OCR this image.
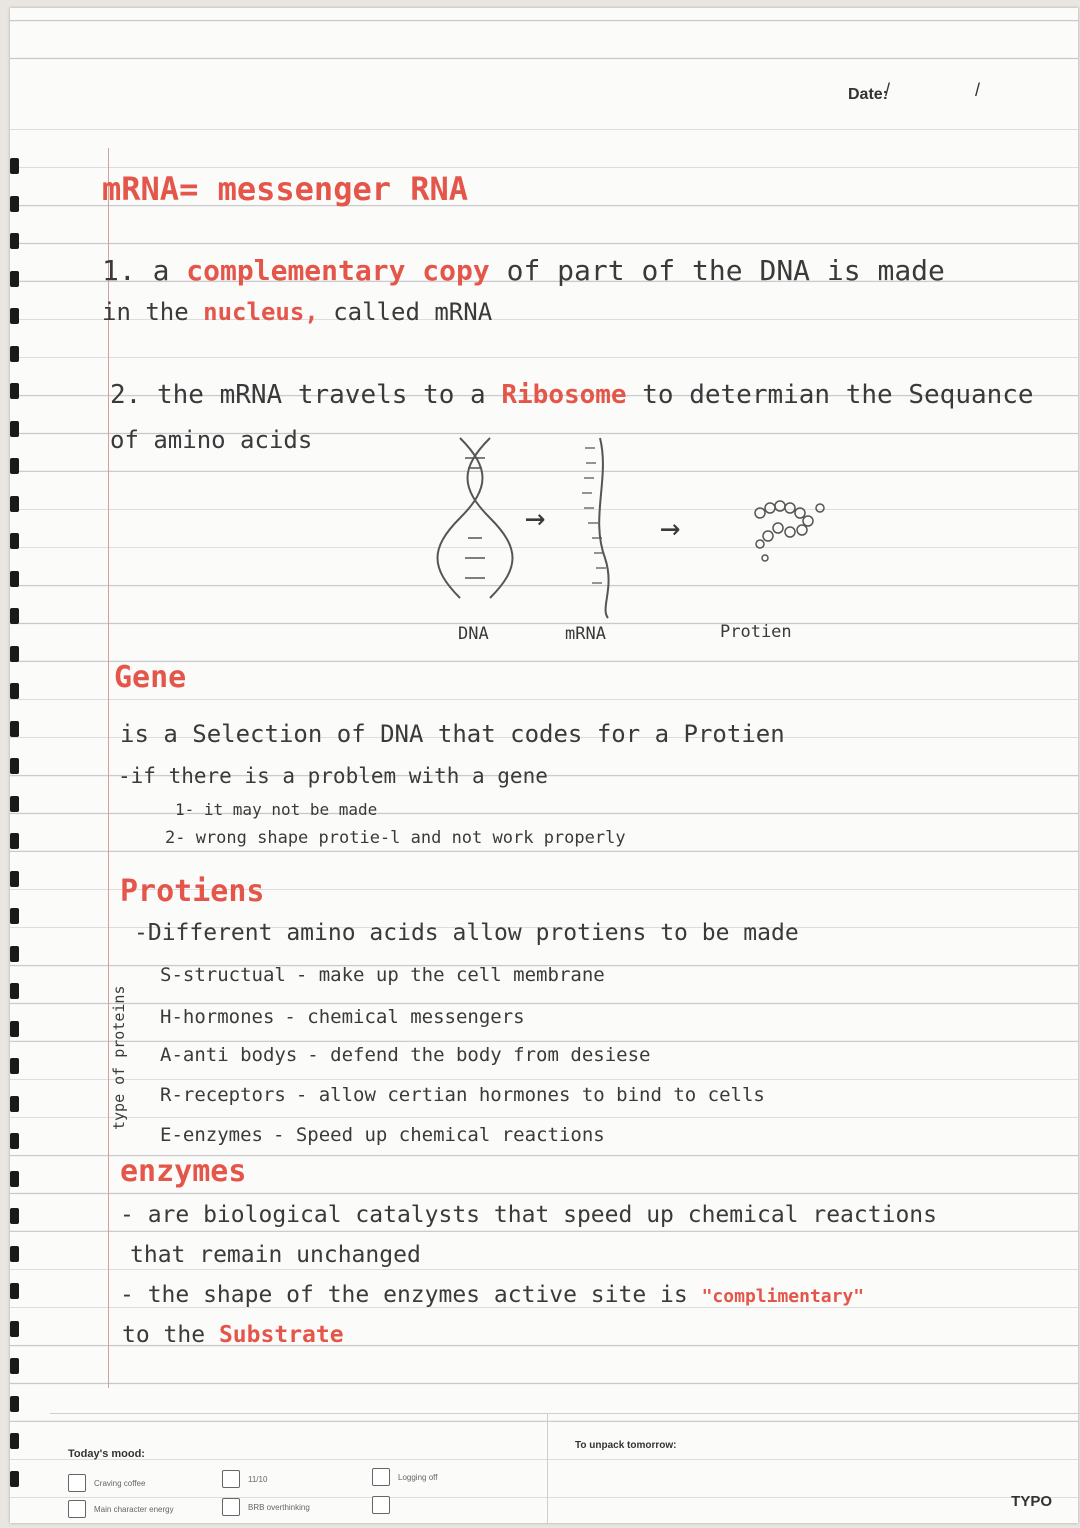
Date:
/ /
mRNA= messenger RNA
1. a complementary copy of part of the DNA is made
in the nucleus, called mRNA
2. the mRNA travels to a Ribosome to determian the Sequance
of amino acids
→	→
DNA	mRNA	Protien
Gene
is a Selection of DNA that codes for a Protien
-if there is a problem with a gene
1- it may not be made
2- wrong shape protie-l and not work properly
Protiens
-Different amino acids allow protiens to be made
type of proteins
S-structual - make up the cell membrane
H-hormones - chemical messengers
A-anti bodys - defend the body from desiese
R-receptors - allow certian hormones to bind to cells
E-enzymes - Speed up chemical reactions
enzymes
- are biological catalysts that speed up chemical reactions
that remain unchanged
- the shape of the enzymes active site is "complimentary"
to the Substrate
Today's mood:
Craving coffee
Main character energy
11/10
BRB overthinking
Logging off
To unpack tomorrow:
TYPO
